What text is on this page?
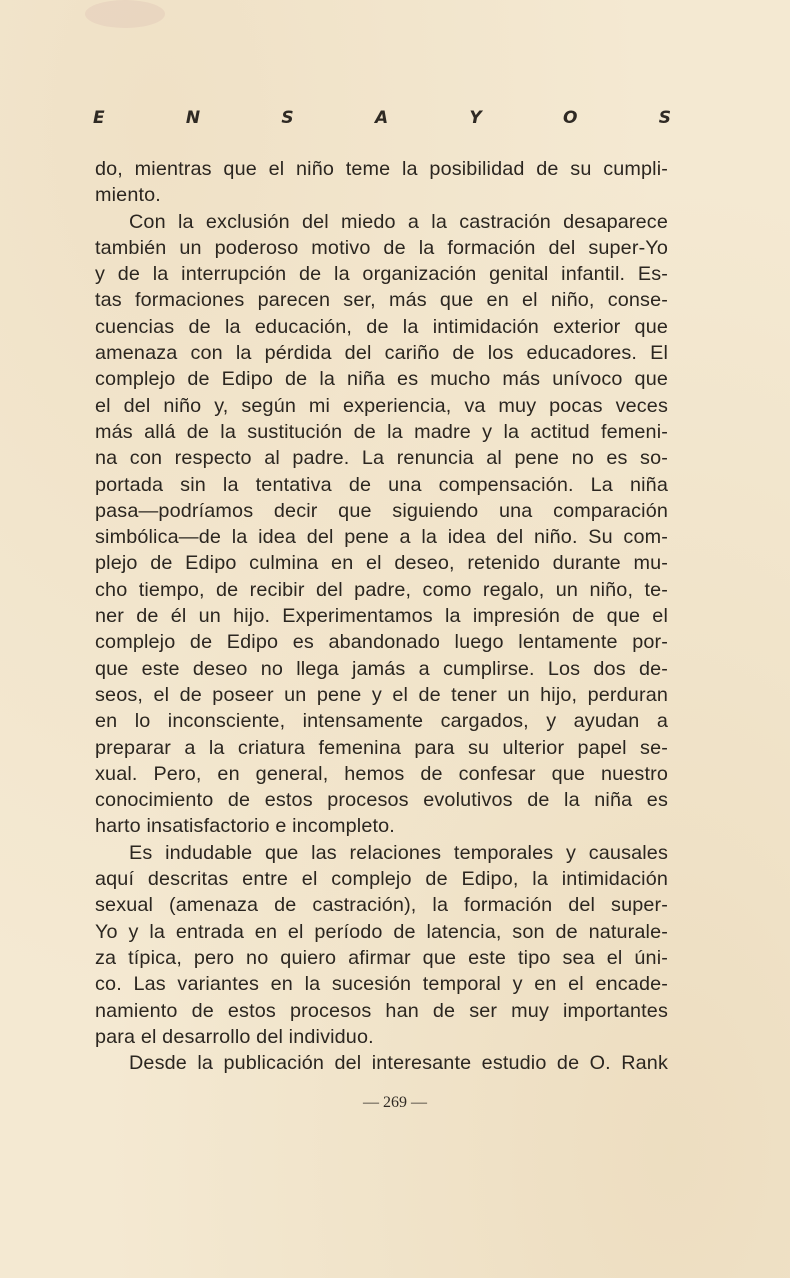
E	N	S	A	Y	O	S
do, mientras que el niño teme la posibilidad de su cumpli-
miento.
Con la exclusión del miedo a la castración desaparece
también un poderoso motivo de la formación del super-Yo
y de la interrupción de la organización genital infantil. Es-
tas formaciones parecen ser, más que en el niño, conse-
cuencias de la educación, de la intimidación exterior que
amenaza con la pérdida del cariño de los educadores. El
complejo de Edipo de la niña es mucho más unívoco que
el del niño y, según mi experiencia, va muy pocas veces
más allá de la sustitución de la madre y la actitud femeni-
na con respecto al padre. La renuncia al pene no es so-
portada sin la tentativa de una compensación. La niña
pasa—podríamos decir que siguiendo una comparación
simbólica—de la idea del pene a la idea del niño. Su com-
plejo de Edipo culmina en el deseo, retenido durante mu-
cho tiempo, de recibir del padre, como regalo, un niño, te-
ner de él un hijo. Experimentamos la impresión de que el
complejo de Edipo es abandonado luego lentamente por-
que este deseo no llega jamás a cumplirse. Los dos de-
seos, el de poseer un pene y el de tener un hijo, perduran
en lo inconsciente, intensamente cargados, y ayudan a
preparar a la criatura femenina para su ulterior papel se-
xual. Pero, en general, hemos de confesar que nuestro
conocimiento de estos procesos evolutivos de la niña es
harto insatisfactorio e incompleto.
Es indudable que las relaciones temporales y causales
aquí descritas entre el complejo de Edipo, la intimidación
sexual (amenaza de castración), la formación del super-
Yo y la entrada en el período de latencia, son de naturale-
za típica, pero no quiero afirmar que este tipo sea el úni-
co. Las variantes en la sucesión temporal y en el encade-
namiento de estos procesos han de ser muy importantes
para el desarrollo del individuo.
Desde la publicación del interesante estudio de O. Rank
— 269 —
